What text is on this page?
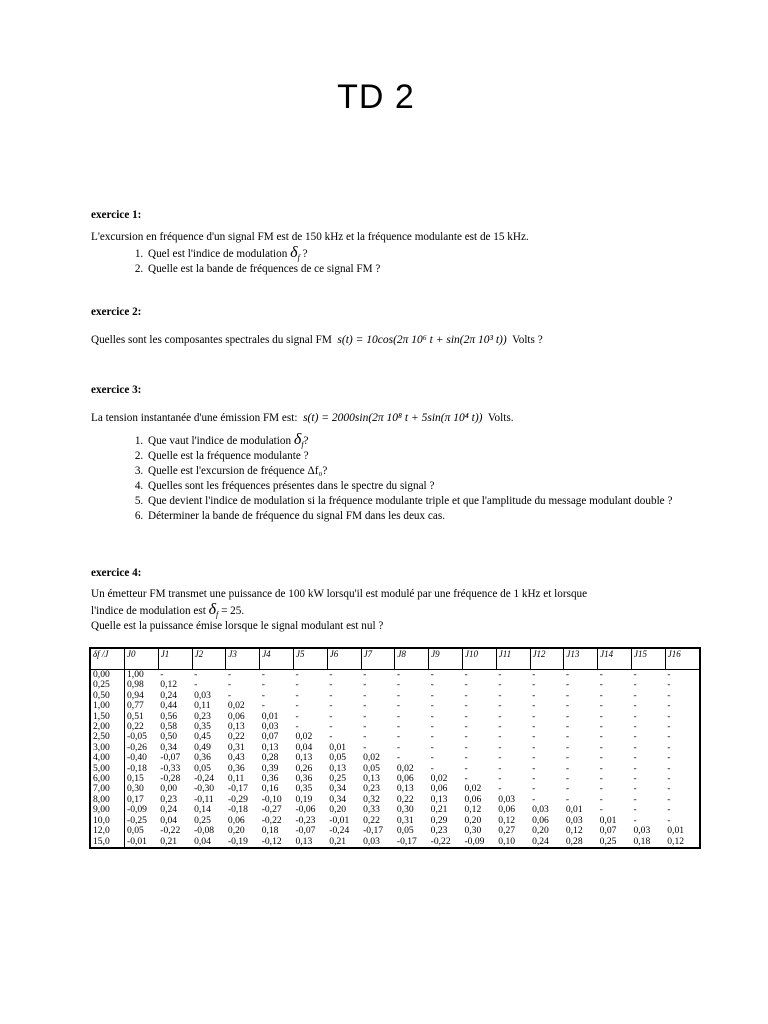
TD 2
exercice 1:
L'excursion en fréquence d'un signal FM est de 150 kHz et la fréquence modulante est de 15 kHz.
1. Quel est l'indice de modulation $\delta_f$ ?
2. Quelle est la bande de fréquences de ce signal FM ?
exercice 2:
Quelles sont les composantes spectrales du signal FM s(t) = 10cos(2π 10⁶ t + sin(2π 10³ t)) Volts ?
exercice 3:
La tension instantanée d'une émission FM est: s(t) = 2000sin(2π 10⁸ t + 5sin(π 10⁴ t)) Volts.
1. Que vaut l'indice de modulation $\delta_f$?
2. Quelle est la fréquence modulante ?
3. Quelle est l'excursion de fréquence Δf₀?
4. Quelles sont les fréquences présentes dans le spectre du signal ?
5. Que devient l'indice de modulation si la fréquence modulante triple et que l'amplitude du message modulant double ?
6. Déterminer la bande de fréquence du signal FM dans les deux cas.
exercice 4:
Un émetteur FM transmet une puissance de 100 kW lorsqu'il est modulé par une fréquence de 1 kHz et lorsque
l'indice de modulation est $\delta_f = 25$.
Quelle est la puissance émise lorsque le signal modulant est nul ?
δf /J	J0	J1	J2	J3	J4	J5	J6	J7	J8	J9	J10	J11	J12	J13	J14	J15	J16
0,00	1,00	-	-	-	-	-	-	-	-	-	-	-	-	-	-	-	-
0,25	0,98	0,12	-	-	-	-	-	-	-	-	-	-	-	-	-	-	-
0,50	0,94	0,24	0,03	-	-	-	-	-	-	-	-	-	-	-	-	-	-
1,00	0,77	0,44	0,11	0,02	-	-	-	-	-	-	-	-	-	-	-	-	-
1,50	0,51	0,56	0,23	0,06	0,01	-	-	-	-	-	-	-	-	-	-	-	-
2,00	0,22	0,58	0,35	0,13	0,03	-	-	-	-	-	-	-	-	-	-	-	-
2,50	-0,05	0,50	0,45	0,22	0,07	0,02	-	-	-	-	-	-	-	-	-	-	-
3,00	-0,26	0,34	0,49	0,31	0,13	0,04	0,01	-	-	-	-	-	-	-	-	-	-
4,00	-0,40	-0,07	0,36	0,43	0,28	0,13	0,05	0,02	-	-	-	-	-	-	-	-	-
5,00	-0,18	-0,33	0,05	0,36	0,39	0,26	0,13	0,05	0,02	-	-	-	-	-	-	-	-
6,00	0,15	-0,28	-0,24	0,11	0,36	0,36	0,25	0,13	0,06	0,02	-	-	-	-	-	-	-
7,00	0,30	0,00	-0,30	-0,17	0,16	0,35	0,34	0,23	0,13	0,06	0,02	-	-	-	-	-	-
8,00	0,17	0,23	-0,11	-0,29	-0,10	0,19	0,34	0,32	0,22	0,13	0,06	0,03	-	-	-	-	-
9,00	-0,09	0,24	0,14	-0,18	-0,27	-0,06	0,20	0,33	0,30	0,21	0,12	0,06	0,03	0,01	-	-	-
10,0	-0,25	0,04	0,25	0,06	-0,22	-0,23	-0,01	0,22	0,31	0,29	0,20	0,12	0,06	0,03	0,01	-	-
12,0	0,05	-0,22	-0,08	0,20	0,18	-0,07	-0,24	-0,17	0,05	0,23	0,30	0,27	0,20	0,12	0,07	0,03	0,01
15,0	-0,01	0,21	0,04	-0,19	-0,12	0,13	0,21	0,03	-0,17	-0,22	-0,09	0,10	0,24	0,28	0,25	0,18	0,12
